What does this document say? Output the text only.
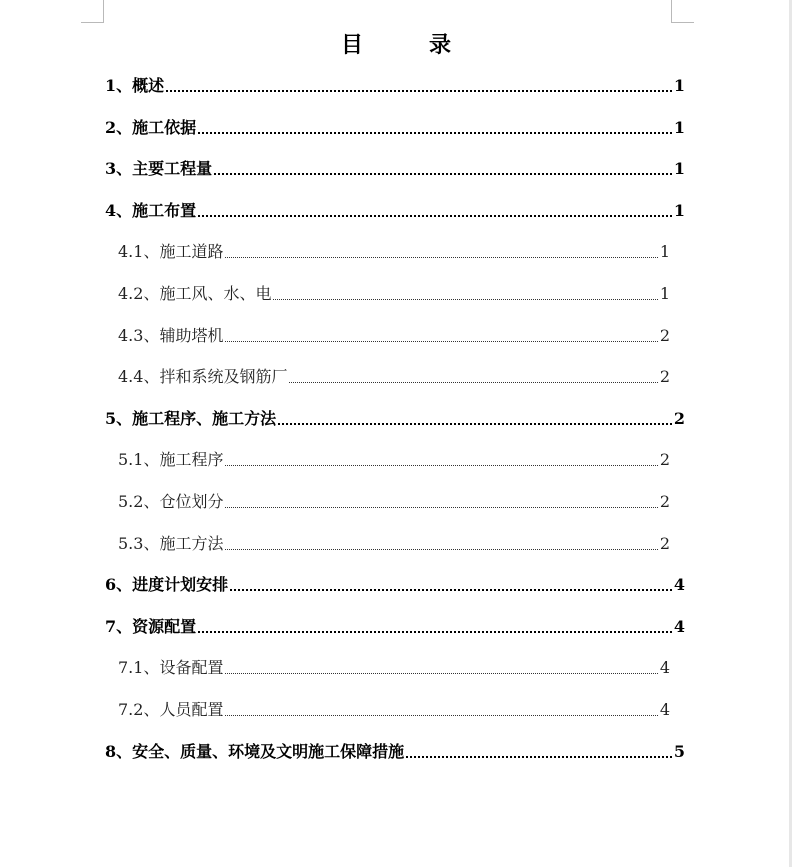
目	录
1、概述	1
2、施工依据	1
3、主要工程量	1
4、施工布置	1
4.1、施工道路	1
4.2、施工风、水、电	1
4.3、辅助塔机	2
4.4、拌和系统及钢筋厂	2
5、施工程序、施工方法	2
5.1、施工程序	2
5.2、仓位划分	2
5.3、施工方法	2
6、进度计划安排	4
7、资源配置	4
7.1、设备配置	4
7.2、人员配置	4
8、安全、质量、环境及文明施工保障措施	5
